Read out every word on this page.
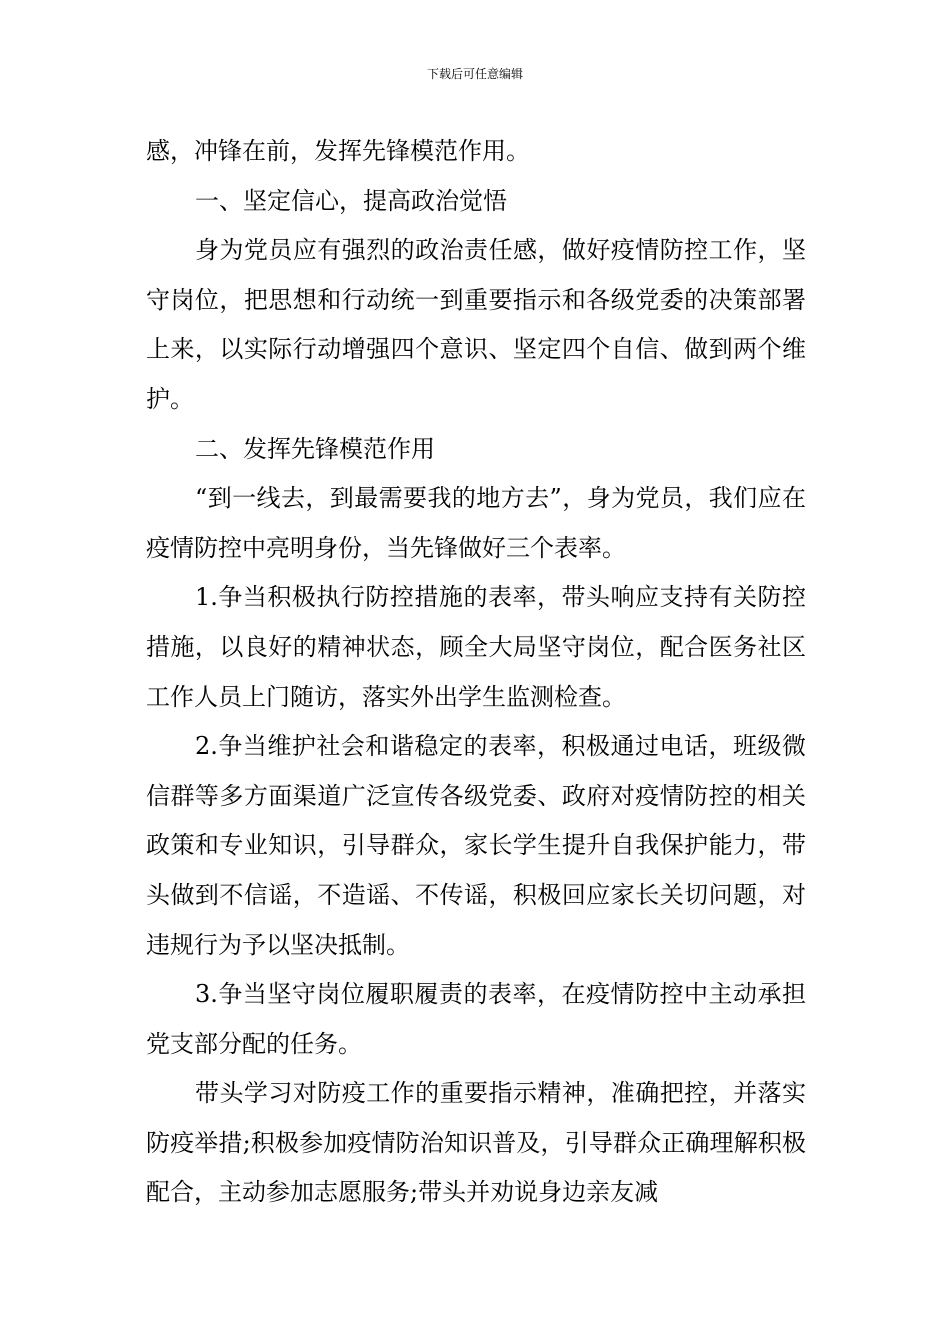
下载后可任意编辑

感，冲锋在前，发挥先锋模范作用。

一、坚定信心，提高政治觉悟

身为党员应有强烈的政治责任感，做好疫情防控工作，坚守岗位，把思想和行动统一到重要指示和各级党委的决策部署上来，以实际行动增强四个意识、坚定四个自信、做到两个维护。

二、发挥先锋模范作用

“到一线去，到最需要我的地方去”，身为党员，我们应在疫情防控中亮明身份，当先锋做好三个表率。

1.争当积极执行防控措施的表率，带头响应支持有关防控措施，以良好的精神状态，顾全大局坚守岗位，配合医务社区工作人员上门随访，落实外出学生监测检查。

2.争当维护社会和谐稳定的表率，积极通过电话，班级微信群等多方面渠道广泛宣传各级党委、政府对疫情防控的相关政策和专业知识，引导群众，家长学生提升自我保护能力，带头做到不信谣，不造谣、不传谣，积极回应家长关切问题，对违规行为予以坚决抵制。

3.争当坚守岗位履职履责的表率，在疫情防控中主动承担党支部分配的任务。

带头学习对防疫工作的重要指示精神，准确把控，并落实防疫举措;积极参加疫情防治知识普及，引导群众正确理解积极配合，主动参加志愿服务;带头并劝说身边亲友减
